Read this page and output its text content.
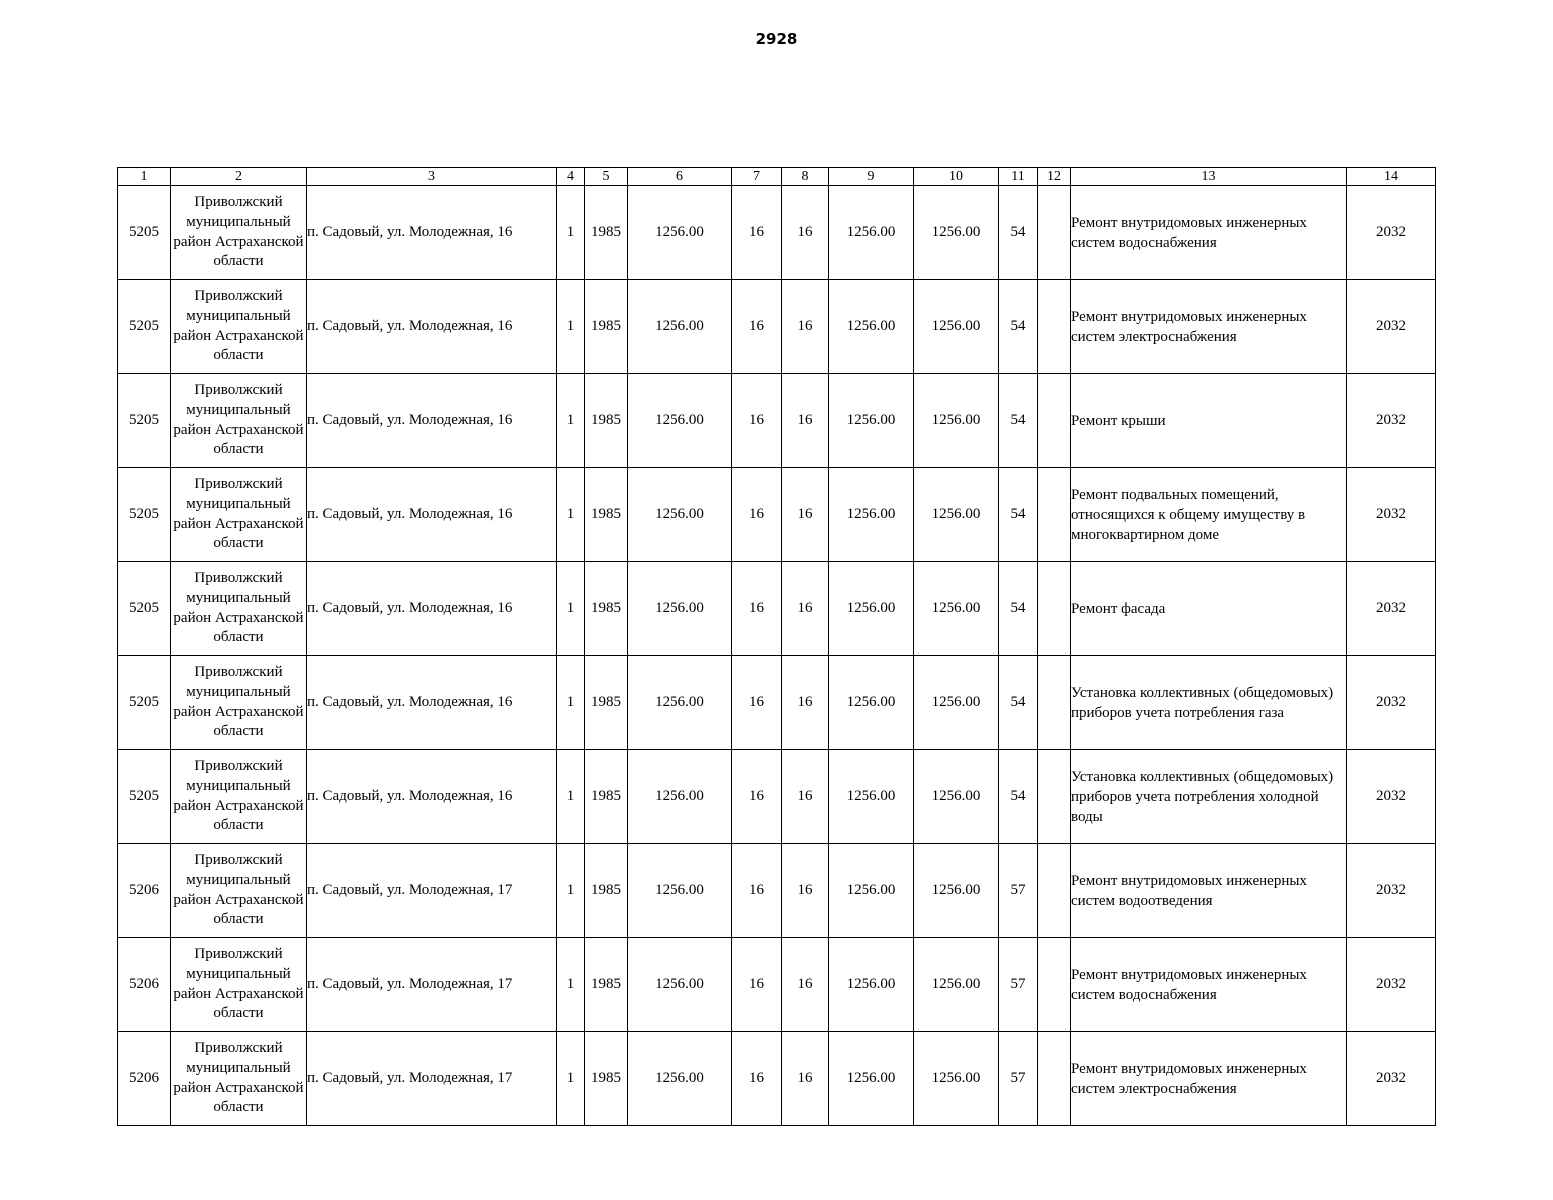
2928
1	2	3	4	5	6	7	8	9	10	11	12	13	14
5205	Приволжский муниципальный район Астраханской области	п. Садовый, ул. Молодежная, 16	1	1985	1256.00	16	16	1256.00	1256.00	54		Ремонт внутридомовых инженерных систем водоснабжения	2032
5205	Приволжский муниципальный район Астраханской области	п. Садовый, ул. Молодежная, 16	1	1985	1256.00	16	16	1256.00	1256.00	54		Ремонт внутридомовых инженерных систем электроснабжения	2032
5205	Приволжский муниципальный район Астраханской области	п. Садовый, ул. Молодежная, 16	1	1985	1256.00	16	16	1256.00	1256.00	54		Ремонт крыши	2032
5205	Приволжский муниципальный район Астраханской области	п. Садовый, ул. Молодежная, 16	1	1985	1256.00	16	16	1256.00	1256.00	54		Ремонт подвальных помещений, относящихся к общему имуществу в многоквартирном доме	2032
5205	Приволжский муниципальный район Астраханской области	п. Садовый, ул. Молодежная, 16	1	1985	1256.00	16	16	1256.00	1256.00	54		Ремонт фасада	2032
5205	Приволжский муниципальный район Астраханской области	п. Садовый, ул. Молодежная, 16	1	1985	1256.00	16	16	1256.00	1256.00	54		Установка коллективных (общедомовых) приборов учета потребления газа	2032
5205	Приволжский муниципальный район Астраханской области	п. Садовый, ул. Молодежная, 16	1	1985	1256.00	16	16	1256.00	1256.00	54		Установка коллективных (общедомовых) приборов учета потребления холодной воды	2032
5206	Приволжский муниципальный район Астраханской области	п. Садовый, ул. Молодежная, 17	1	1985	1256.00	16	16	1256.00	1256.00	57		Ремонт внутридомовых инженерных систем водоотведения	2032
5206	Приволжский муниципальный район Астраханской области	п. Садовый, ул. Молодежная, 17	1	1985	1256.00	16	16	1256.00	1256.00	57		Ремонт внутридомовых инженерных систем водоснабжения	2032
5206	Приволжский муниципальный район Астраханской области	п. Садовый, ул. Молодежная, 17	1	1985	1256.00	16	16	1256.00	1256.00	57		Ремонт внутридомовых инженерных систем электроснабжения	2032
